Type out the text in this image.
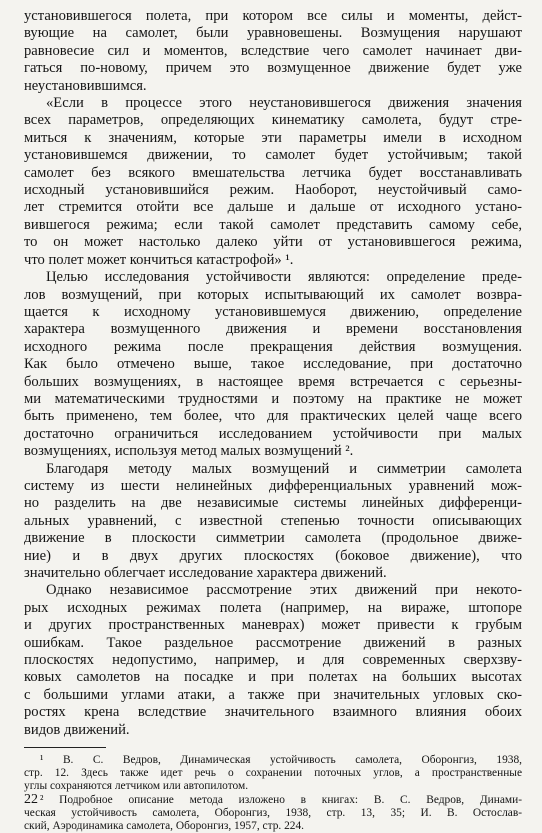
установившегося полета, при котором все силы и моменты, дейст-
вующие на самолет, были уравновешены. Возмущения нарушают
равновесие сил и моментов, вследствие чего самолет начинает дви-
гаться по-новому, причем это возмущенное движение будет уже
неустановившимся.

«Если в процессе этого неустановившегося движения значения
всех параметров, определяющих кинематику самолета, будут стре-
миться к значениям, которые эти параметры имели в исходном
установившемся движении, то самолет будет устойчивым; такой
самолет без всякого вмешательства летчика будет восстанавливать
исходный установившийся режим. Наоборот, неустойчивый само-
лет стремится отойти все дальше и дальше от исходного устано-
вившегося режима; если такой самолет представить самому себе,
то он может настолько далеко уйти от установившегося режима,
что полет может кончиться катастрофой» ¹.

Целью исследования устойчивости являются: определение преде-
лов возмущений, при которых испытывающий их самолет возвра-
щается к исходному установившемуся движению, определение
характера возмущенного движения и времени восстановления
исходного режима после прекращения действия возмущения.
Как было отмечено выше, такое исследование, при достаточно
больших возмущениях, в настоящее время встречается с серьезны-
ми математическими трудностями и поэтому на практике не может
быть применено, тем более, что для практических целей чаще всего
достаточно ограничиться исследованием устойчивости при малых
возмущениях, используя метод малых возмущений ².

Благодаря методу малых возмущений и симметрии самолета
систему из шести нелинейных дифференциальных уравнений мож-
но разделить на две независимые системы линейных дифференци-
альных уравнений, с известной степенью точности описывающих
движение в плоскости симметрии самолета (продольное движе-
ние) и в двух других плоскостях (боковое движение), что
значительно облегчает исследование характера движений.

Однако независимое рассмотрение этих движений при некото-
рых исходных режимах полета (например, на вираже, штопоре
и других пространственных маневрах) может привести к грубым
ошибкам. Такое раздельное рассмотрение движений в разных
плоскостях недопустимо, например, и для современных сверхзву-
ковых самолетов на посадке и при полетах на больших высотах
с большими углами атаки, а также при значительных угловых ско-
ростях крена вследствие значительного взаимного влияния обоих
видов движений.

¹ В. С. Ведров, Динамическая устойчивость самолета, Оборонгиз, 1938,
стр. 12. Здесь также идет речь о сохранении поточных углов, а пространственные
углы сохраняются летчиком или автопилотом.

² Подробное описание метода изложено в книгах: В. С. Ведров, Динами-
ческая устойчивость самолета, Оборонгиз, 1938, стр. 13, 35; И. В. Остослав-
ский, Аэродинамика самолета, Оборонгиз, 1957, стр. 224.

22
